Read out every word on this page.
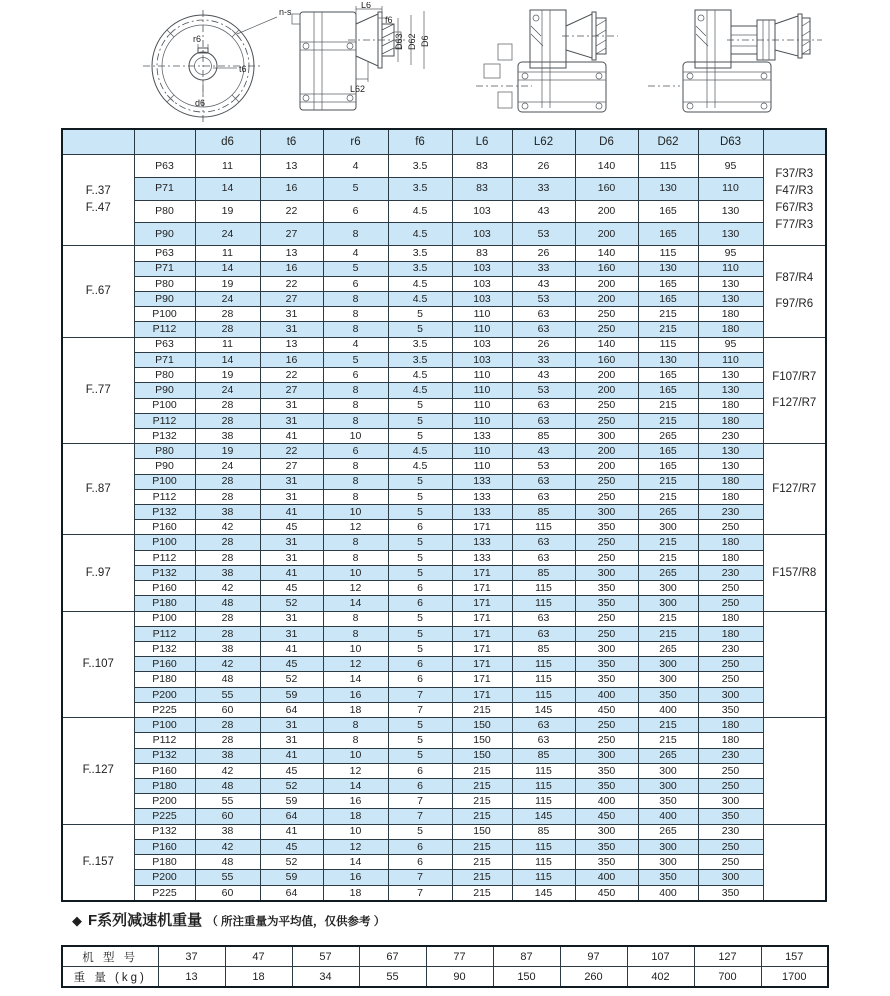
n-s
r6
t6
d6
L6
f6
D63 D62 D6
L62
		d6	t6	r6	f6	L6	L62	D6	D62	D63	

F..37
F..47
	P63	11	13	4	3.5	83	26	140	115	95	
F37/R3
F47/R3
F67/R3
F77/R3

	P71	14	16	5	3.5	83	33	160	130	110	
	P80	19	22	6	4.5	103	43	200	165	130	
	P90	24	27	8	4.5	103	53	200	165	130	

F..67	P63	11	13	4	3.5	83	26	140	115	95	F87/R4
F97/R6

	P71	14	16	5	3.5	103	33	160	130	110	
	P80	19	22	6	4.5	103	43	200	165	130	
	P90	24	27	8	4.5	103	53	200	165	130	
	P100	28	31	8	5	110	63	250	215	180	
	P112	28	31	8	5	110	63	250	215	180	

F..77	P63	11	13	4	3.5	103	26	140	115	95	F107/R7
F127/R7

	P71	14	16	5	3.5	103	33	160	130	110	
	P80	19	22	6	4.5	110	43	200	165	130	
	P90	24	27	8	4.5	110	53	200	165	130	
	P100	28	31	8	5	110	63	250	215	180	
	P112	28	31	8	5	110	63	250	215	180	
	P132	38	41	10	5	133	85	300	265	230	

F..87	P80	19	22	6	4.5	110	43	200	165	130	F127/R7

	P90	24	27	8	4.5	110	53	200	165	130	
	P100	28	31	8	5	133	63	250	215	180	
	P112	28	31	8	5	133	63	250	215	180	
	P132	38	41	10	5	133	85	300	265	230	
	P160	42	45	12	6	171	115	350	300	250	

F..97	P100	28	31	8	5	133	63	250	215	180	F157/R8

	P112	28	31	8	5	133	63	250	215	180	
	P132	38	41	10	5	171	85	300	265	230	
	P160	42	45	12	6	171	115	350	300	250	
	P180	48	52	14	6	171	115	350	300	250	

F..107	P100	28	31	8	5	171	63	250	215	180	
	P112	28	31	8	5	171	63	250	215	180	
	P132	38	41	10	5	171	85	300	265	230	
	P160	42	45	12	6	171	115	350	300	250	
	P180	48	52	14	6	171	115	350	300	250	
	P200	55	59	16	7	171	115	400	350	300	
	P225	60	64	18	7	215	145	450	400	350	

F..127	P100	28	31	8	5	150	63	250	215	180	
	P112	28	31	8	5	150	63	250	215	180	
	P132	38	41	10	5	150	85	300	265	230	
	P160	42	45	12	6	215	115	350	300	250	
	P180	48	52	14	6	215	115	350	300	250	
	P200	55	59	16	7	215	115	400	350	300	
	P225	60	64	18	7	215	145	450	400	350	

F..157	P132	38	41	10	5	150	85	300	265	230	
	P160	42	45	12	6	215	115	350	300	250	
	P180	48	52	14	6	215	115	350	300	250	
	P200	55	59	16	7	215	115	400	350	300	
	P225	60	64	18	7	215	145	450	400	350	
◆ F系列减速机重量 （ 所注重量为平均值，仅供参考 ）
机 型 号	37	47	57	67	77	87	97	107	127	157
重 量 (kg)	13	18	34	55	90	150	260	402	700	1700
